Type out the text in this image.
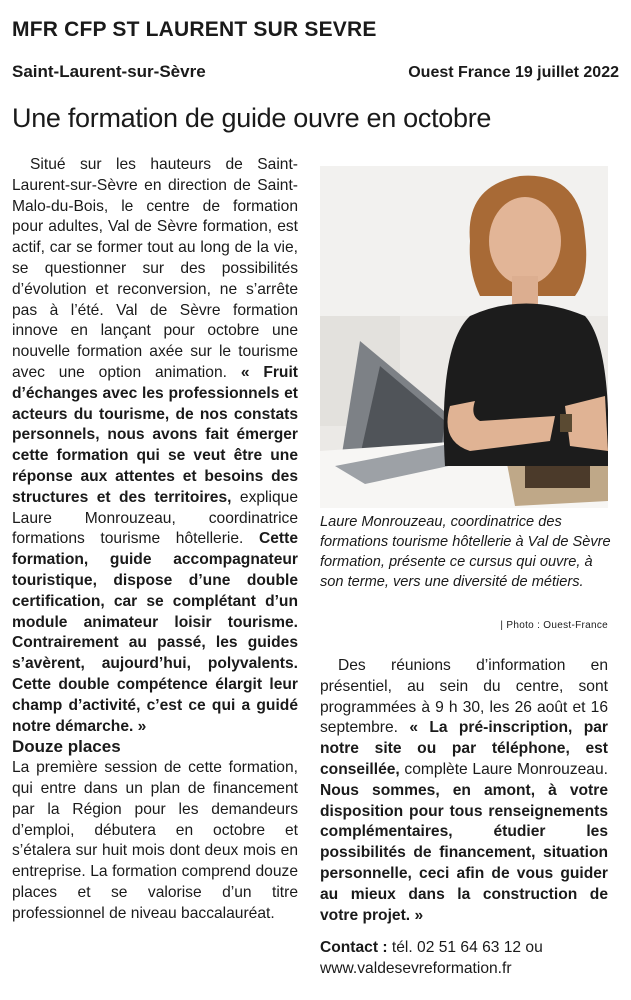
MFR CFP ST LAURENT SUR SEVRE
Saint-Laurent-sur-Sèvre	Ouest France 19 juillet 2022
Une formation de guide ouvre en octobre

Situé sur les hauteurs de Saint-Laurent-sur-Sèvre en direction de Saint-Malo-du-Bois, le centre de formation pour adultes, Val de Sèvre formation, est actif, car se former tout au long de la vie, se questionner sur des possibilités d’évolution et reconversion, ne s’arrête pas à l’été. Val de Sèvre formation innove en lançant pour octobre une nouvelle formation axée sur le tourisme avec une option animation. « Fruit d’échanges avec les professionnels et acteurs du tourisme, de nos constats personnels, nous avons fait émerger cette formation qui se veut être une réponse aux attentes et besoins des structures et des territoires, explique Laure Monrouzeau, coordinatrice formations tourisme hôtellerie. Cette formation, guide accompagnateur touristique, dispose d’une double certification, car se complétant d’un module animateur loisir tourisme. Contrairement au passé, les guides s’avèrent, aujourd’hui, polyvalents. Cette double compétence élargit leur champ d’activité, c’est ce qui a guidé notre démarche. »

Douze places

La première session de cette formation, qui entre dans un plan de financement par la Région pour les demandeurs d’emploi, débutera en octobre et s’étalera sur huit mois dont deux mois en entreprise. La formation comprend douze places et se valorise d’un titre professionnel de niveau baccalauréat.

Laure Monrouzeau, coordinatrice des formations tourisme hôtellerie à Val de Sèvre formation, présente ce cursus qui ouvre, à son terme, vers une diversité de métiers.

| Photo : Ouest-France

Des réunions d’information en présentiel, au sein du centre, sont programmées à 9 h 30, les 26 août et 16 septembre. « La pré-inscription, par notre site ou par téléphone, est conseillée, complète Laure Monrouzeau. Nous sommes, en amont, à votre disposition pour tous renseignements complémentaires, étudier les possibilités de financement, situation personnelle, ceci afin de vous guider au mieux dans la construction de votre projet. »

Contact : tél. 02 51 64 63 12 ou www.valdesevreformation.fr
